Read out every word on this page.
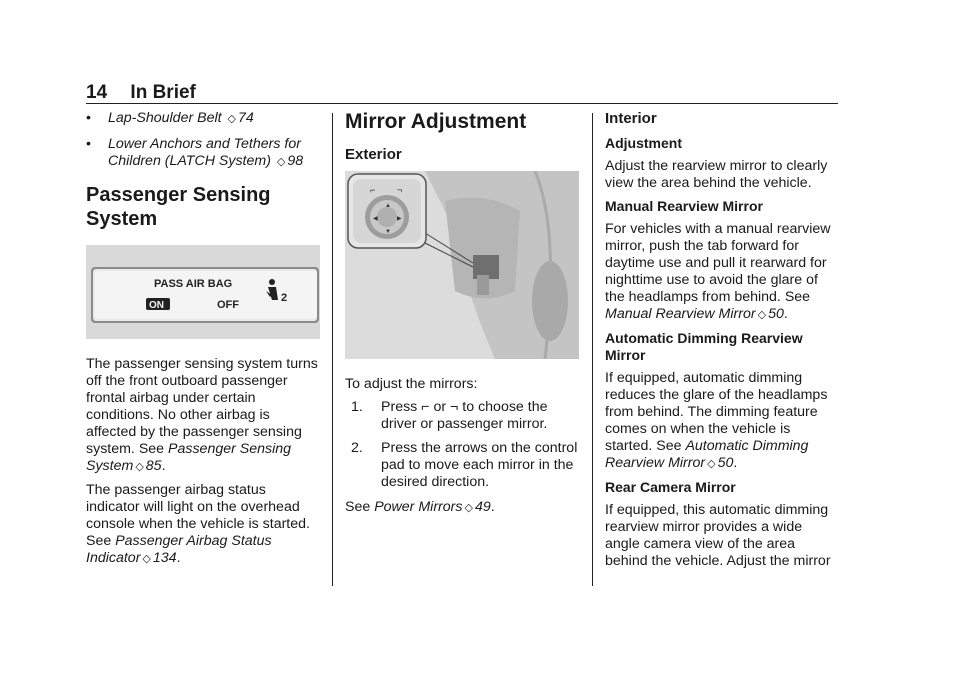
14 In Brief
• Lap-Shoulder Belt ◇ 74
• Lower Anchors and Tethers for Children (LATCH System) ◇ 98
Passenger Sensing System
PASS AIR BAG
ON	OFF
2

The passenger sensing system turns off the front outboard passenger frontal airbag under certain conditions. No other airbag is affected by the passenger sensing system. See Passenger Sensing System ◇ 85.

The passenger airbag status indicator will light on the overhead console when the vehicle is started. See Passenger Airbag Status Indicator ◇ 134.

Mirror Adjustment
Exterior
⌐ ¬
▲
▼
◀	▶

To adjust the mirrors:

1. Press ⌐ or ¬ to choose the driver or passenger mirror.
2. Press the arrows on the control pad to move each mirror in the desired direction.

See Power Mirrors ◇ 49.

Interior
Adjustment

Adjust the rearview mirror to clearly view the area behind the vehicle.

Manual Rearview Mirror

For vehicles with a manual rearview mirror, push the tab forward for daytime use and pull it rearward for nighttime use to avoid the glare of the headlamps from behind. See Manual Rearview Mirror ◇ 50.

Automatic Dimming Rearview Mirror

If equipped, automatic dimming reduces the glare of the headlamps from behind. The dimming feature comes on when the vehicle is started. See Automatic Dimming Rearview Mirror ◇ 50.

Rear Camera Mirror

If equipped, this automatic dimming rearview mirror provides a wide angle camera view of the area behind the vehicle. Adjust the mirror
